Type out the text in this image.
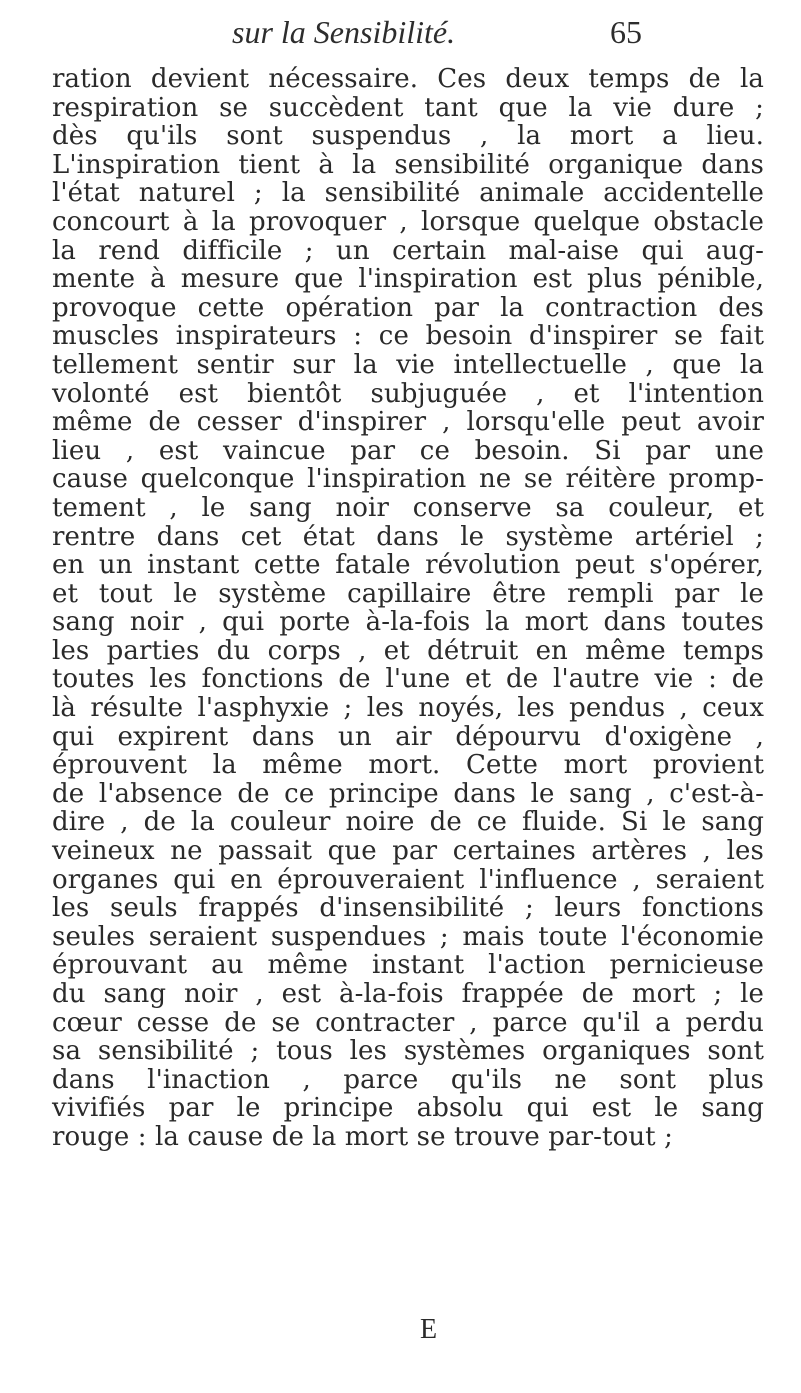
sur la Sensibilité.	65
ration devient nécessaire. Ces deux temps de la
respiration se succèdent tant que la vie dure ;
dès qu'ils sont suspendus , la mort a lieu.
L'inspiration tient à la sensibilité organique dans
l'état naturel ; la sensibilité animale accidentelle
concourt à la provoquer , lorsque quelque obstacle
la rend difficile ; un certain mal-aise qui aug-
mente à mesure que l'inspiration est plus pénible,
provoque cette opération par la contraction des
muscles inspirateurs : ce besoin d'inspirer se fait
tellement sentir sur la vie intellectuelle , que la
volonté est bientôt subjuguée , et l'intention
même de cesser d'inspirer , lorsqu'elle peut avoir
lieu , est vaincue par ce besoin. Si par une
cause quelconque l'inspiration ne se réitère promp-
tement , le sang noir conserve sa couleur, et
rentre dans cet état dans le système artériel ;
en un instant cette fatale révolution peut s'opérer,
et tout le système capillaire être rempli par le
sang noir , qui porte à-la-fois la mort dans toutes
les parties du corps , et détruit en même temps
toutes les fonctions de l'une et de l'autre vie : de
là résulte l'asphyxie ; les noyés, les pendus , ceux
qui expirent dans un air dépourvu d'oxigène ,
éprouvent la même mort. Cette mort provient
de l'absence de ce principe dans le sang , c'est-à-
dire , de la couleur noire de ce fluide. Si le sang
veineux ne passait que par certaines artères , les
organes qui en éprouveraient l'influence , seraient
les seuls frappés d'insensibilité ; leurs fonctions
seules seraient suspendues ; mais toute l'économie
éprouvant au même instant l'action pernicieuse
du sang noir , est à-la-fois frappée de mort ; le
cœur cesse de se contracter , parce qu'il a perdu
sa sensibilité ; tous les systèmes organiques sont
dans l'inaction , parce qu'ils ne sont plus
vivifiés par le principe absolu qui est le sang
rouge : la cause de la mort se trouve par-tout ;
E
